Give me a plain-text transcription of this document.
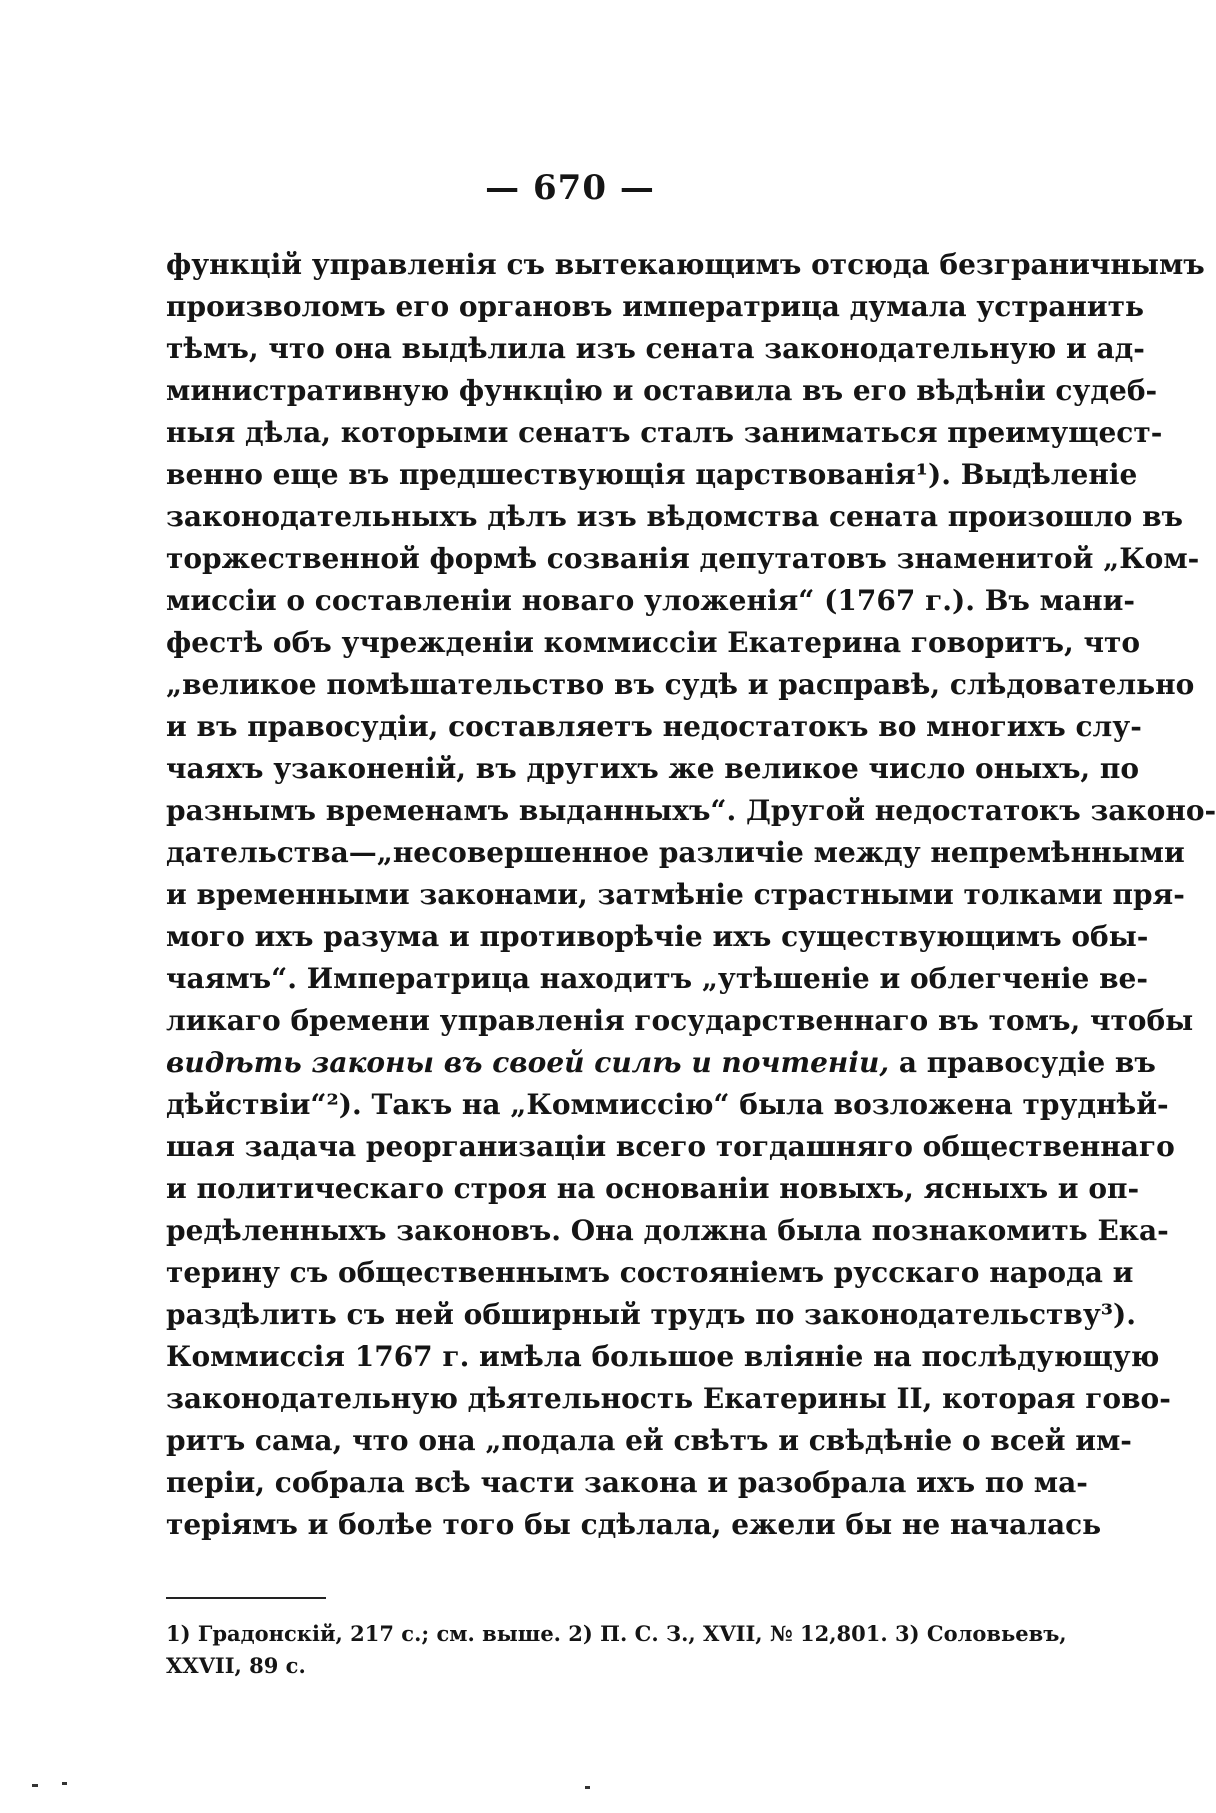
— 670 —
функцій управленія съ вытекающимъ отсюда безграничнымъ
произволомъ его органовъ императрица думала устранить
тѣмъ, что она выдѣлила изъ сената законодательную и ад-
министративную функцію и оставила въ его вѣдѣніи судеб-
ныя дѣла, которыми сенатъ сталъ заниматься преимущест-
венно еще въ предшествующія царствованія¹). Выдѣленіе
законодательныхъ дѣлъ изъ вѣдомства сената произошло въ
торжественной формѣ созванія депутатовъ знаменитой „Ком-
миссіи о составленіи новаго уложенія“ (1767 г.). Въ мани-
фестѣ объ учрежденіи коммиссіи Екатерина говоритъ, что
„великое помѣшательство въ судѣ и расправѣ, слѣдовательно
и въ правосудіи, составляетъ недостатокъ во многихъ слу-
чаяхъ узаконеній, въ другихъ же великое число оныхъ, по
разнымъ временамъ выданныхъ“. Другой недостатокъ законо-
дательства—„несовершенное различіе между непремѣнными
и временными законами, затмѣніе страстными толками пря-
мого ихъ разума и противорѣчіе ихъ существующимъ обы-
чаямъ“. Императрица находитъ „утѣшеніе и облегченіе ве-
ликаго бремени управленія государственнаго въ томъ, чтобы
видѣть законы въ своей силѣ и почтеніи, а правосудіе въ
дѣйствіи“²). Такъ на „Коммиссію“ была возложена труднѣй-
шая задача реорганизаціи всего тогдашняго общественнаго
и политическаго строя на основаніи новыхъ, ясныхъ и оп-
редѣленныхъ законовъ. Она должна была познакомить Ека-
терину съ общественнымъ состояніемъ русскаго народа и
раздѣлить съ ней обширный трудъ по законодательству³).
Коммиссія 1767 г. имѣла большое вліяніе на послѣдующую
законодательную дѣятельность Екатерины II, которая гово-
ритъ сама, что она „подала ей свѣтъ и свѣдѣніе о всей им-
періи, собрала всѣ части закона и разобрала ихъ по ма-
теріямъ и болѣе того бы сдѣлала, ежели бы не началась
1) Градонскій, 217 с.; см. выше. 2) П. С. З., XVII, № 12,801. 3) Соловьевъ,
XXVII, 89 с.
